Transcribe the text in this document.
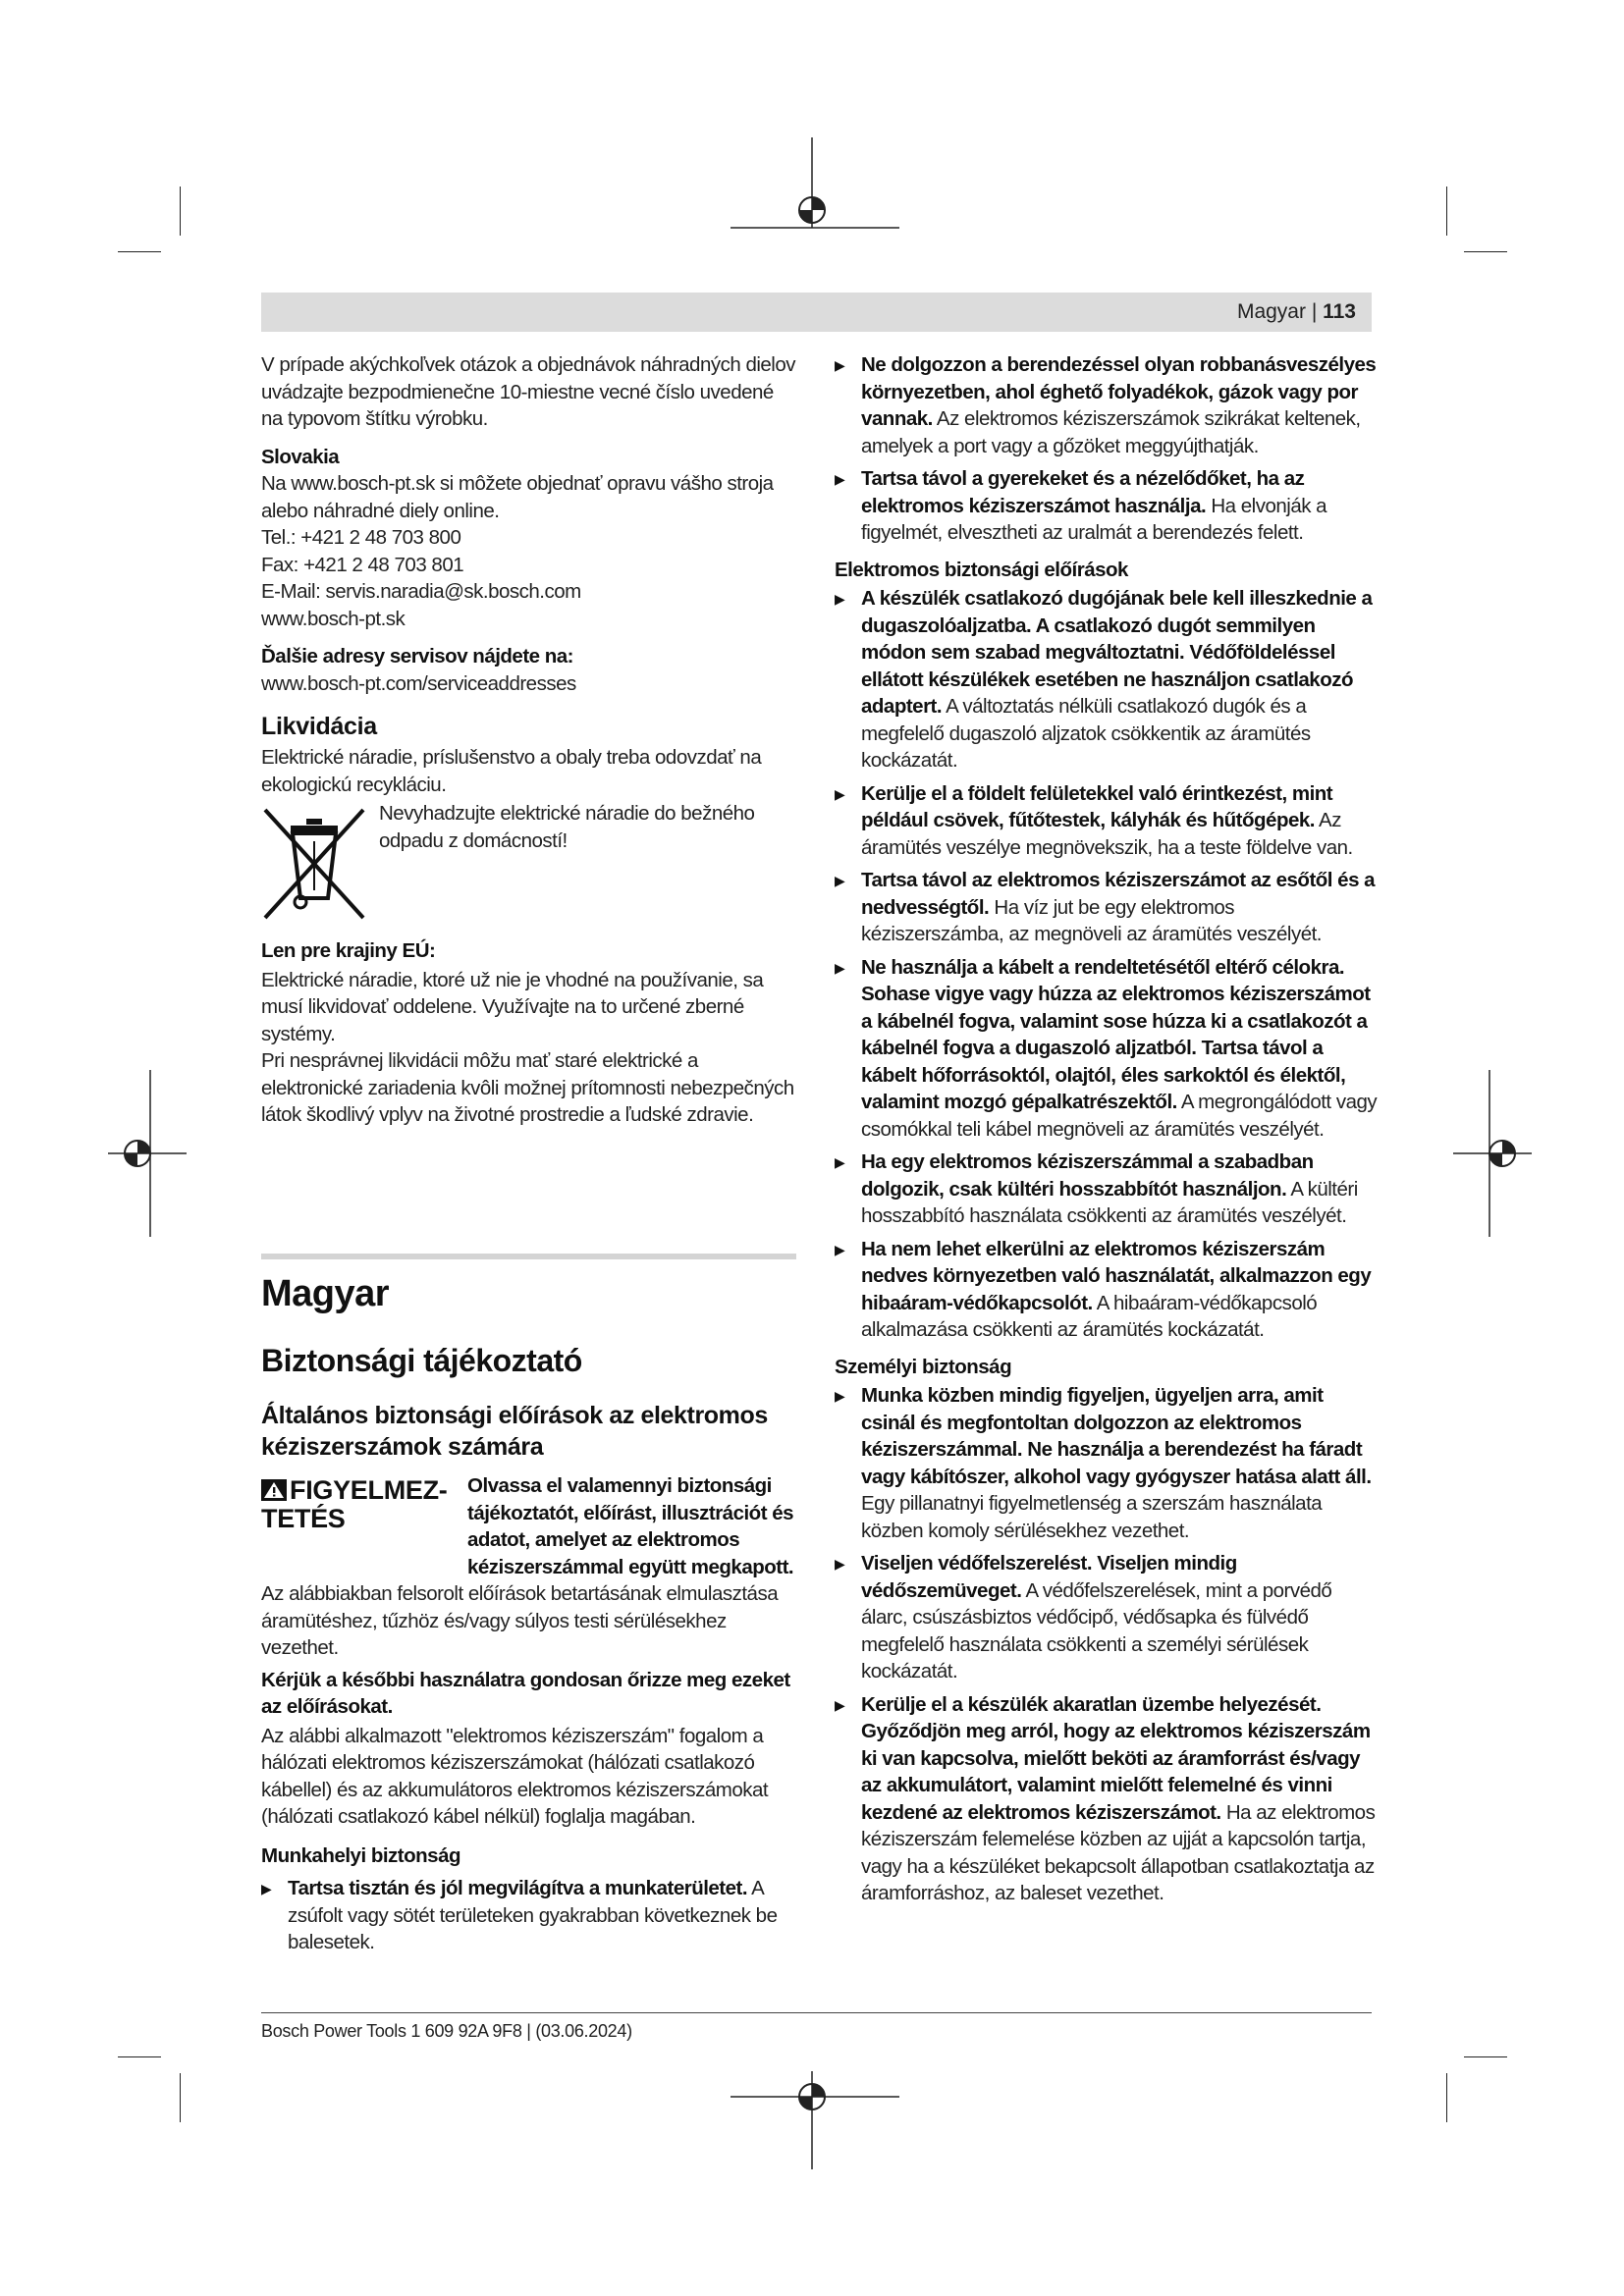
Magyar | 113

V prípade akýchkoľvek otázok a objednávok náhradných dielov uvádzajte bezpodmienečne 10-miestne vecné číslo uvedené na typovom štítku výrobku.

Slovakia

Na www.bosch-pt.sk si môžete objednať opravu vášho stroja alebo náhradné diely online.

Tel.: +421 2 48 703 800

Fax: +421 2 48 703 801

E-Mail: servis.naradia@sk.bosch.com

www.bosch-pt.sk

Ďalšie adresy servisov nájdete na:

www.bosch-pt.com/serviceaddresses

Likvidácia

Elektrické náradie, príslušenstvo a obaly treba odovzdať na ekologickú recykláciu.

Nevyhadzujte elektrické náradie do bežného odpadu z domácností!

Len pre krajiny EÚ:

Elektrické náradie, ktoré už nie je vhodné na používanie, sa musí likvidovať oddelene. Využívajte na to určené zberné systémy.

Pri nesprávnej likvidácii môžu mať staré elektrické a elektronické zariadenia kvôli možnej prítomnosti nebezpečných látok škodlivý vplyv na životné prostredie a ľudské zdravie.

Magyar

Biztonsági tájékoztató

Általános biztonsági előírások az elektromos kéziszerszámok számára

FIGYELMEZ-
TETÉS

Olvassa el valamennyi biztonsági tájékoztatót, előírást, illusztrációt és adatot, amelyet az elektromos kéziszerszámmal együtt megkapott.
Az alábbiakban felsorolt előírások betartásának elmulasztása áramütéshez, tűzhöz és/vagy súlyos testi sérülésekhez vezethet.

Kérjük a későbbi használatra gondosan őrizze meg ezeket az előírásokat.

Az alábbi alkalmazott "elektromos kéziszerszám" fogalom a hálózati elektromos kéziszerszámokat (hálózati csatlakozó kábellel) és az akkumulátoros elektromos kéziszerszámokat (hálózati csatlakozó kábel nélkül) foglalja magában.

Munkahelyi biztonság

▶ Tartsa tisztán és jól megvilágítva a munkaterületet. A zsúfolt vagy sötét területeken gyakrabban következnek be balesetek.

▶ Ne dolgozzon a berendezéssel olyan robbanásveszélyes környezetben, ahol éghető folyadékok, gázok vagy por vannak. Az elektromos kéziszerszámok szikrákat keltenek, amelyek a port vagy a gőzöket meggyújthatják.

▶ Tartsa távol a gyerekeket és a nézelődőket, ha az elektromos kéziszerszámot használja. Ha elvonják a figyelmét, elvesztheti az uralmát a berendezés felett.

Elektromos biztonsági előírások

▶ A készülék csatlakozó dugójának bele kell illeszkednie a dugaszolóaljzatba. A csatlakozó dugót semmilyen módon sem szabad megváltoztatni. Védőföldeléssel ellátott készülékek esetében ne használjon csatlakozó adaptert. A változtatás nélküli csatlakozó dugók és a megfelelő dugaszoló aljzatok csökkentik az áramütés kockázatát.

▶ Kerülje el a földelt felületekkel való érintkezést, mint például csövek, fűtőtestek, kályhák és hűtőgépek. Az áramütés veszélye megnövekszik, ha a teste földelve van.

▶ Tartsa távol az elektromos kéziszerszámot az esőtől és a nedvességtől. Ha víz jut be egy elektromos kéziszerszámba, az megnöveli az áramütés veszélyét.

▶ Ne használja a kábelt a rendeltetésétől eltérő célokra. Sohase vigye vagy húzza az elektromos kéziszerszámot a kábelnél fogva, valamint sose húzza ki a csatlakozót a kábelnél fogva a dugaszoló aljzatból. Tartsa távol a kábelt hőforrásoktól, olajtól, éles sarkoktól és élektől, valamint mozgó gépalkatrészektől. A megrongálódott vagy csomókkal teli kábel megnöveli az áramütés veszélyét.

▶ Ha egy elektromos kéziszerszámmal a szabadban dolgozik, csak kültéri hosszabbítót használjon. A kültéri hosszabbító használata csökkenti az áramütés veszélyét.

▶ Ha nem lehet elkerülni az elektromos kéziszerszám nedves környezetben való használatát, alkalmazzon egy hibaáram-védőkapcsolót. A hibaáram-védőkapcsoló alkalmazása csökkenti az áramütés kockázatát.

Személyi biztonság

▶ Munka közben mindig figyeljen, ügyeljen arra, amit csinál és megfontoltan dolgozzon az elektromos kéziszerszámmal. Ne használja a berendezést ha fáradt vagy kábítószer, alkohol vagy gyógyszer hatása alatt áll. Egy pillanatnyi figyelmetlenség a szerszám használata közben komoly sérülésekhez vezethet.

▶ Viseljen védőfelszerelést. Viseljen mindig védőszemüveget. A védőfelszerelések, mint a porvédő álarc, csúszásbiztos védőcipő, védősapka és fülvédő megfelelő használata csökkenti a személyi sérülések kockázatát.

▶ Kerülje el a készülék akaratlan üzembe helyezését. Győződjön meg arról, hogy az elektromos kéziszerszám ki van kapcsolva, mielőtt beköti az áramforrást és/vagy az akkumulátort, valamint mielőtt felemelné és vinni kezdené az elektromos kéziszerszámot. Ha az elektromos kéziszerszám felemelése közben az ujját a kapcsolón tartja, vagy ha a készüléket bekapcsolt állapotban csatlakoztatja az áramforráshoz, az baleset vezethet.

Bosch Power Tools 1 609 92A 9F8 | (03.06.2024)
